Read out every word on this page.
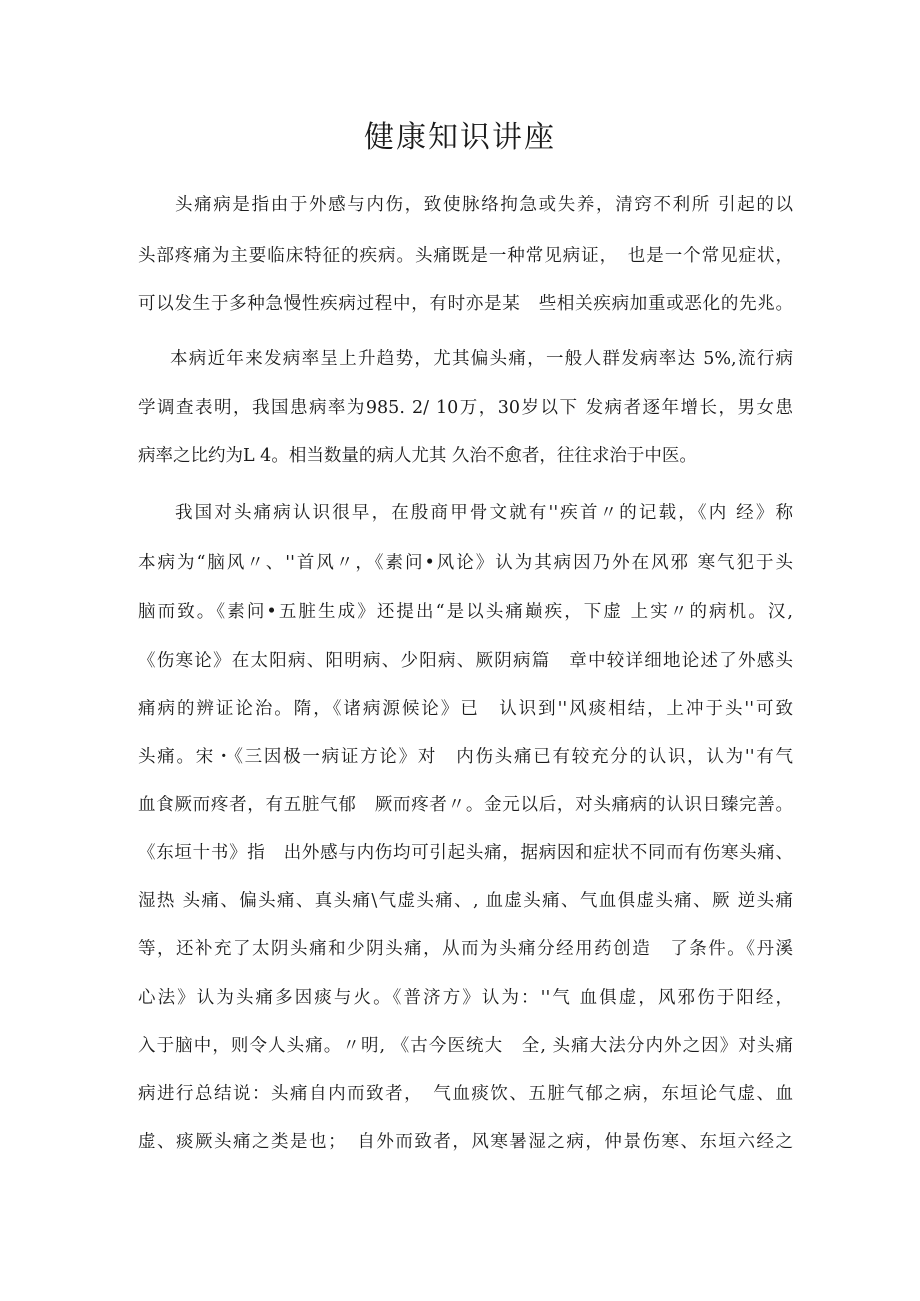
健康知识讲座
头痛病是指由于外感与内伤，致使脉络拘急或失养，清窍不利所 引起的以
头部疼痛为主要临床特征的疾病。头痛既是一种常见病证，　也是一个常见症状，
可以发生于多种急慢性疾病过程中，有时亦是某　些相关疾病加重或恶化的先兆。
本病近年来发病率呈上升趋势，尤其偏头痛，一般人群发病率达 5%,流行病
学调查表明，我国患病率为985. 2/ 10万，30岁以下 发病者逐年增长，男女患
病率之比约为L 4。相当数量的病人尤其 久治不愈者，往往求治于中医。
我国对头痛病认识很早，在殷商甲骨文就有''疾首〃的记载，《内 经》称
本病为“脑风〃、''首风〃，《素问•风论》认为其病因乃外在风邪 寒气犯于头
脑而致。《素问•五脏生成》还提出“是以头痛巅疾，下虚 上实〃的病机。汉,
《伤寒论》在太阳病、阳明病、少阳病、厥阴病篇　章中较详细地论述了外感头
痛病的辨证论治。隋，《诸病源候论》已　认识到''风痰相结，上冲于头''可致
头痛。宋・《三因极一病证方论》对　内伤头痛已有较充分的认识，认为''有气
血食厥而疼者，有五脏气郁　厥而疼者〃。金元以后，对头痛病的认识日臻完善。
《东垣十书》指　出外感与内伤均可引起头痛，据病因和症状不同而有伤寒头痛、
湿热 头痛、偏头痛、真头痛\气虚头痛、, 血虚头痛、气血俱虚头痛、厥 逆头痛
等，还补充了太阴头痛和少阴头痛，从而为头痛分经用药创造　了条件。《丹溪
心法》认为头痛多因痰与火。《普济方》认为：''气 血俱虚，风邪伤于阳经，
入于脑中，则令人头痛。〃明, 《古今医统大　全, 头痛大法分内外之因》对头痛
病进行总结说：头痛自内而致者，　气血痰饮、五脏气郁之病，东垣论气虚、血
虚、痰厥头痛之类是也；　自外而致者，风寒暑湿之病，仲景伤寒、东垣六经之
